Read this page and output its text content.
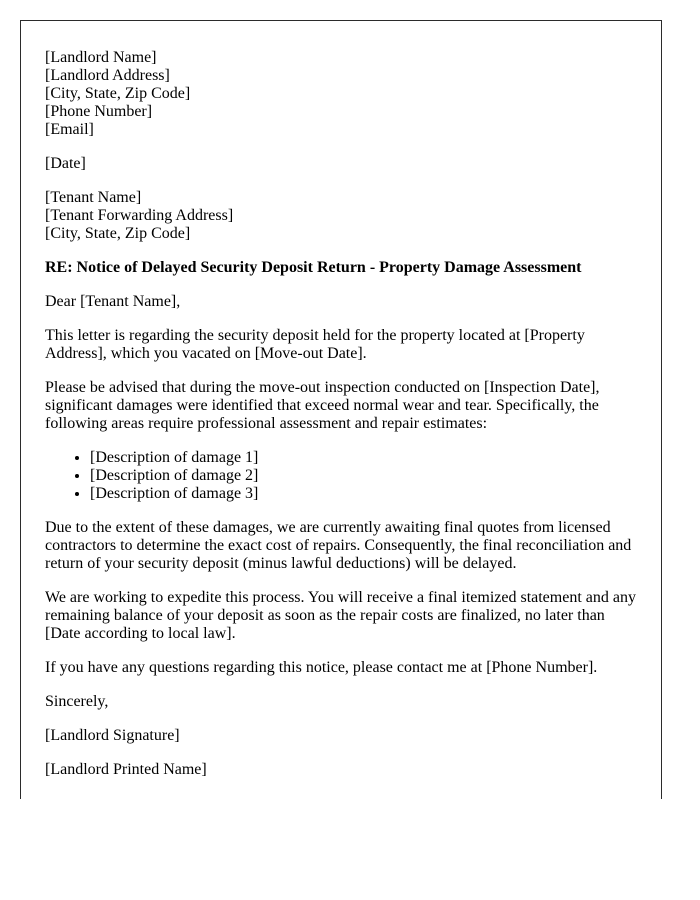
[Landlord Name]
[Landlord Address]
[City, State, Zip Code]
[Phone Number]
[Email]

[Date]

[Tenant Name]
[Tenant Forwarding Address]
[City, State, Zip Code]

RE: Notice of Delayed Security Deposit Return - Property Damage Assessment

Dear [Tenant Name],

This letter is regarding the security deposit held for the property located at [Property Address], which you vacated on [Move-out Date].

Please be advised that during the move-out inspection conducted on [Inspection Date], significant damages were identified that exceed normal wear and tear. Specifically, the following areas require professional assessment and repair estimates:

• [Description of damage 1]
• [Description of damage 2]
• [Description of damage 3]

Due to the extent of these damages, we are currently awaiting final quotes from licensed contractors to determine the exact cost of repairs. Consequently, the final reconciliation and return of your security deposit (minus lawful deductions) will be delayed.

We are working to expedite this process. You will receive a final itemized statement and any remaining balance of your deposit as soon as the repair costs are finalized, no later than [Date according to local law].

If you have any questions regarding this notice, please contact me at [Phone Number].

Sincerely,

[Landlord Signature]

[Landlord Printed Name]
